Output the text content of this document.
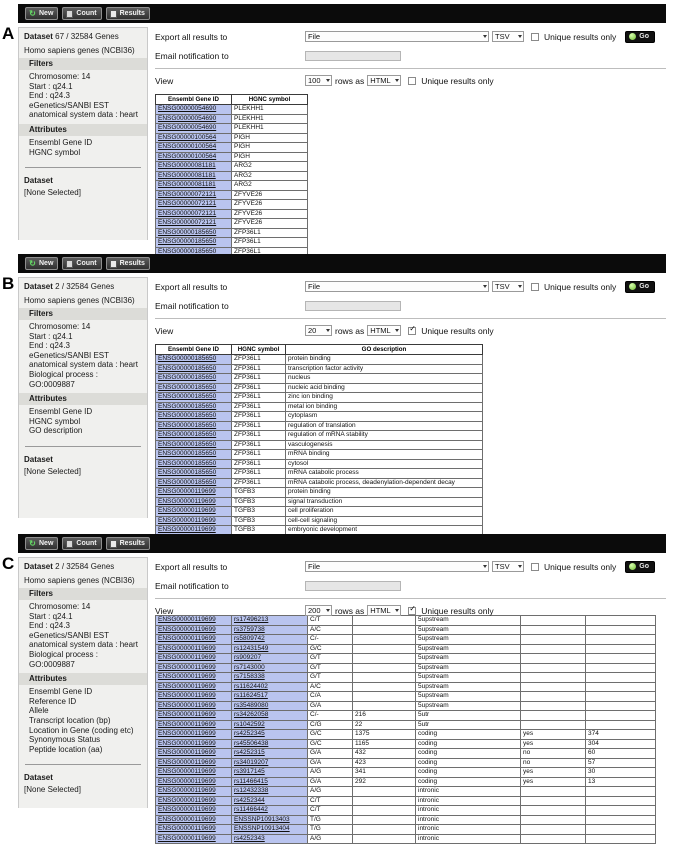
A
↻ New	Count	Results
Dataset 67 / 32584 Genes
Homo sapiens genes (NCBI36)
Filters
Chromosome: 14
Start : q24.1
End : q24.3
eGenetics/SANBI EST
anatomical system data : heart
Attributes
Ensembl Gene ID
HGNC symbol
Dataset
[None Selected]
Export all results to
File
TSV	Unique results only	Go
Email notification to
View
100	rows as
HTML	Unique results only
Ensembl Gene ID	HGNC symbol
ENSG00000054690	PLEKHH1
ENSG00000054690	PLEKHH1
ENSG00000054690	PLEKHH1
ENSG00000100564	PIGH
ENSG00000100564	PIGH
ENSG00000100564	PIGH
ENSG00000081181	ARG2
ENSG00000081181	ARG2
ENSG00000081181	ARG2
ENSG00000072121	ZFYVE26
ENSG00000072121	ZFYVE26
ENSG00000072121	ZFYVE26
ENSG00000072121	ZFYVE26
ENSG00000185650	ZFP36L1
ENSG00000185650	ZFP36L1
ENSG00000185650	ZFP36L1
B
↻ New	Count	Results
Dataset 2 / 32584 Genes
Homo sapiens genes (NCBI36)
Filters
Chromosome: 14
Start : q24.1
End : q24.3
eGenetics/SANBI EST
anatomical system data : heart
Biological process :
GO:0009887
Attributes
Ensembl Gene ID
HGNC symbol
GO description
Dataset
[None Selected]
Export all results to
File
TSV	Unique results only	Go
Email notification to
View
20	rows as
HTML	Unique results only
Ensembl Gene ID	HGNC symbol	GO description
ENSG00000185650	ZFP36L1	protein binding
ENSG00000185650	ZFP36L1	transcription factor activity
ENSG00000185650	ZFP36L1	nucleus
ENSG00000185650	ZFP36L1	nucleic acid binding
ENSG00000185650	ZFP36L1	zinc ion binding
ENSG00000185650	ZFP36L1	metal ion binding
ENSG00000185650	ZFP36L1	cytoplasm
ENSG00000185650	ZFP36L1	regulation of translation
ENSG00000185650	ZFP36L1	regulation of mRNA stability
ENSG00000185650	ZFP36L1	vasculogenesis
ENSG00000185650	ZFP36L1	mRNA binding
ENSG00000185650	ZFP36L1	cytosol
ENSG00000185650	ZFP36L1	mRNA catabolic process
ENSG00000185650	ZFP36L1	mRNA catabolic process, deadenylation-dependent decay
ENSG00000119699	TGFB3	protein binding
ENSG00000119699	TGFB3	signal transduction
ENSG00000119699	TGFB3	cell proliferation
ENSG00000119699	TGFB3	cell-cell signaling
ENSG00000119699	TGFB3	embryonic development

C
↻ New	Count	Results
Dataset 2 / 32584 Genes
Homo sapiens genes (NCBI36)
Filters
Chromosome: 14
Start : q24.1
End : q24.3
eGenetics/SANBI EST
anatomical system data : heart
Biological process :
GO:0009887
Attributes
Ensembl Gene ID
Reference ID
Allele
Transcript location (bp)
Location in Gene (coding etc)
Synonymous Status
Peptide location (aa)
Dataset
[None Selected]
Export all results to
File
TSV	Unique results only	Go
Email notification to
View
200	rows as
HTML	Unique results only
ENSG00000119699	rs17496213	C/T		5upstream		
ENSG00000119699	rs3759738	A/C		5upstream		
ENSG00000119699	rs5809742	C/-		5upstream		
ENSG00000119699	rs12431549	G/C		5upstream		
ENSG00000119699	rs909207	G/T		5upstream		
ENSG00000119699	rs7143000	G/T		5upstream		
ENSG00000119699	rs7158338	G/T		5upstream		
ENSG00000119699	rs11624402	A/C		5upstream		
ENSG00000119699	rs11624517	C/A		5upstream		
ENSG00000119699	rs35489080	G/A		5upstream		
ENSG00000119699	rs34262058	C/-	216	5utr		
ENSG00000119699	rs1042592	C/G	22	5utr		
ENSG00000119699	rs4252345	G/C	1375	coding	yes	374
ENSG00000119699	rs45506438	G/C	1165	coding	yes	304
ENSG00000119699	rs4252315	G/A	432	coding	no	60
ENSG00000119699	rs34019207	G/A	423	coding	no	57
ENSG00000119699	rs3917145	A/G	341	coding	yes	30
ENSG00000119699	rs11466415	G/A	292	coding	yes	13
ENSG00000119699	rs12432338	A/G		intronic		
ENSG00000119699	rs4252344	C/T		intronic		
ENSG00000119699	rs11466442	C/T		intronic		
ENSG00000119699	ENSSNP10913403	T/G		intronic		
ENSG00000119699	ENSSNP10913404	T/G		intronic		
ENSG00000119699	rs4252343	A/G		intronic		
